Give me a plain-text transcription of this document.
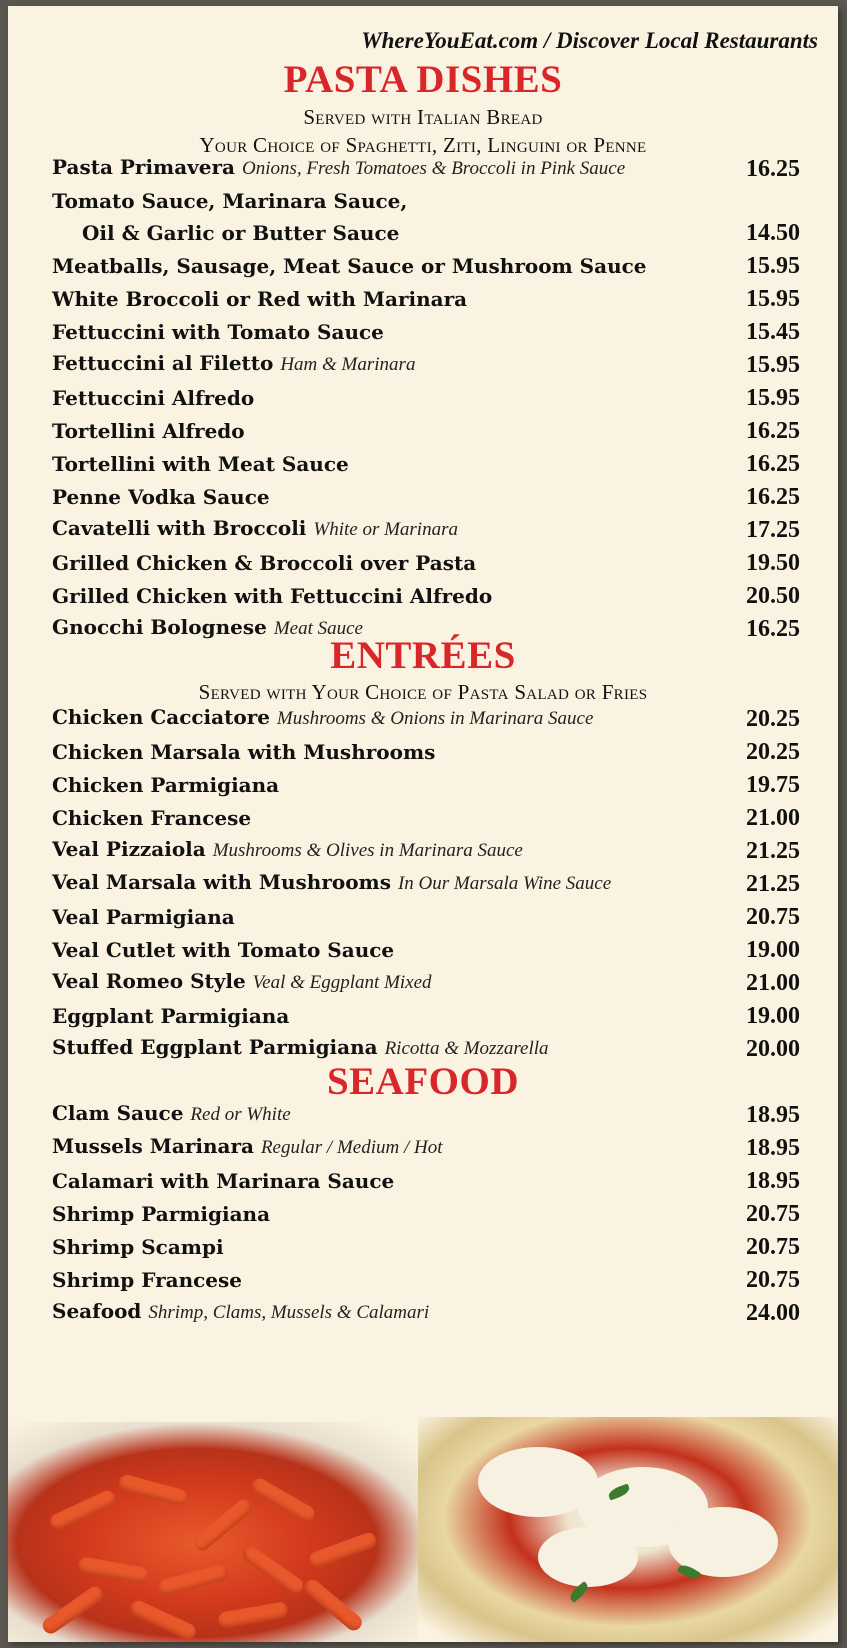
WhereYouEat.com / Discover Local Restaurants
PASTA DISHES

Served with Italian Bread

Your Choice of Spaghetti, Ziti, Linguini or Penne

Pasta Primavera Onions, Fresh Tomatoes & Broccoli in Pink Sauce	16.25
Tomato Sauce, Marinara Sauce,
Oil & Garlic or Butter Sauce	14.50
Meatballs, Sausage, Meat Sauce or Mushroom Sauce	15.95
White Broccoli or Red with Marinara	15.95
Fettuccini with Tomato Sauce	15.45
Fettuccini al Filetto Ham & Marinara	15.95
Fettuccini Alfredo	15.95
Tortellini Alfredo	16.25
Tortellini with Meat Sauce	16.25
Penne Vodka Sauce	16.25
Cavatelli with Broccoli White or Marinara	17.25
Grilled Chicken & Broccoli over Pasta	19.50
Grilled Chicken with Fettuccini Alfredo	20.50
Gnocchi Bolognese Meat Sauce	16.25
ENTRÉES

Served with Your Choice of Pasta Salad or Fries

Chicken Cacciatore Mushrooms & Onions in Marinara Sauce	20.25
Chicken Marsala with Mushrooms	20.25
Chicken Parmigiana	19.75
Chicken Francese	21.00
Veal Pizzaiola Mushrooms & Olives in Marinara Sauce	21.25
Veal Marsala with Mushrooms In Our Marsala Wine Sauce	21.25
Veal Parmigiana	20.75
Veal Cutlet with Tomato Sauce	19.00
Veal Romeo Style Veal & Eggplant Mixed	21.00
Eggplant Parmigiana	19.00
Stuffed Eggplant Parmigiana Ricotta & Mozzarella	20.00
SEAFOOD
Clam Sauce Red or White	18.95
Mussels Marinara Regular / Medium / Hot	18.95
Calamari with Marinara Sauce	18.95
Shrimp Parmigiana	20.75
Shrimp Scampi	20.75
Shrimp Francese	20.75
Seafood Shrimp, Clams, Mussels & Calamari	24.00
